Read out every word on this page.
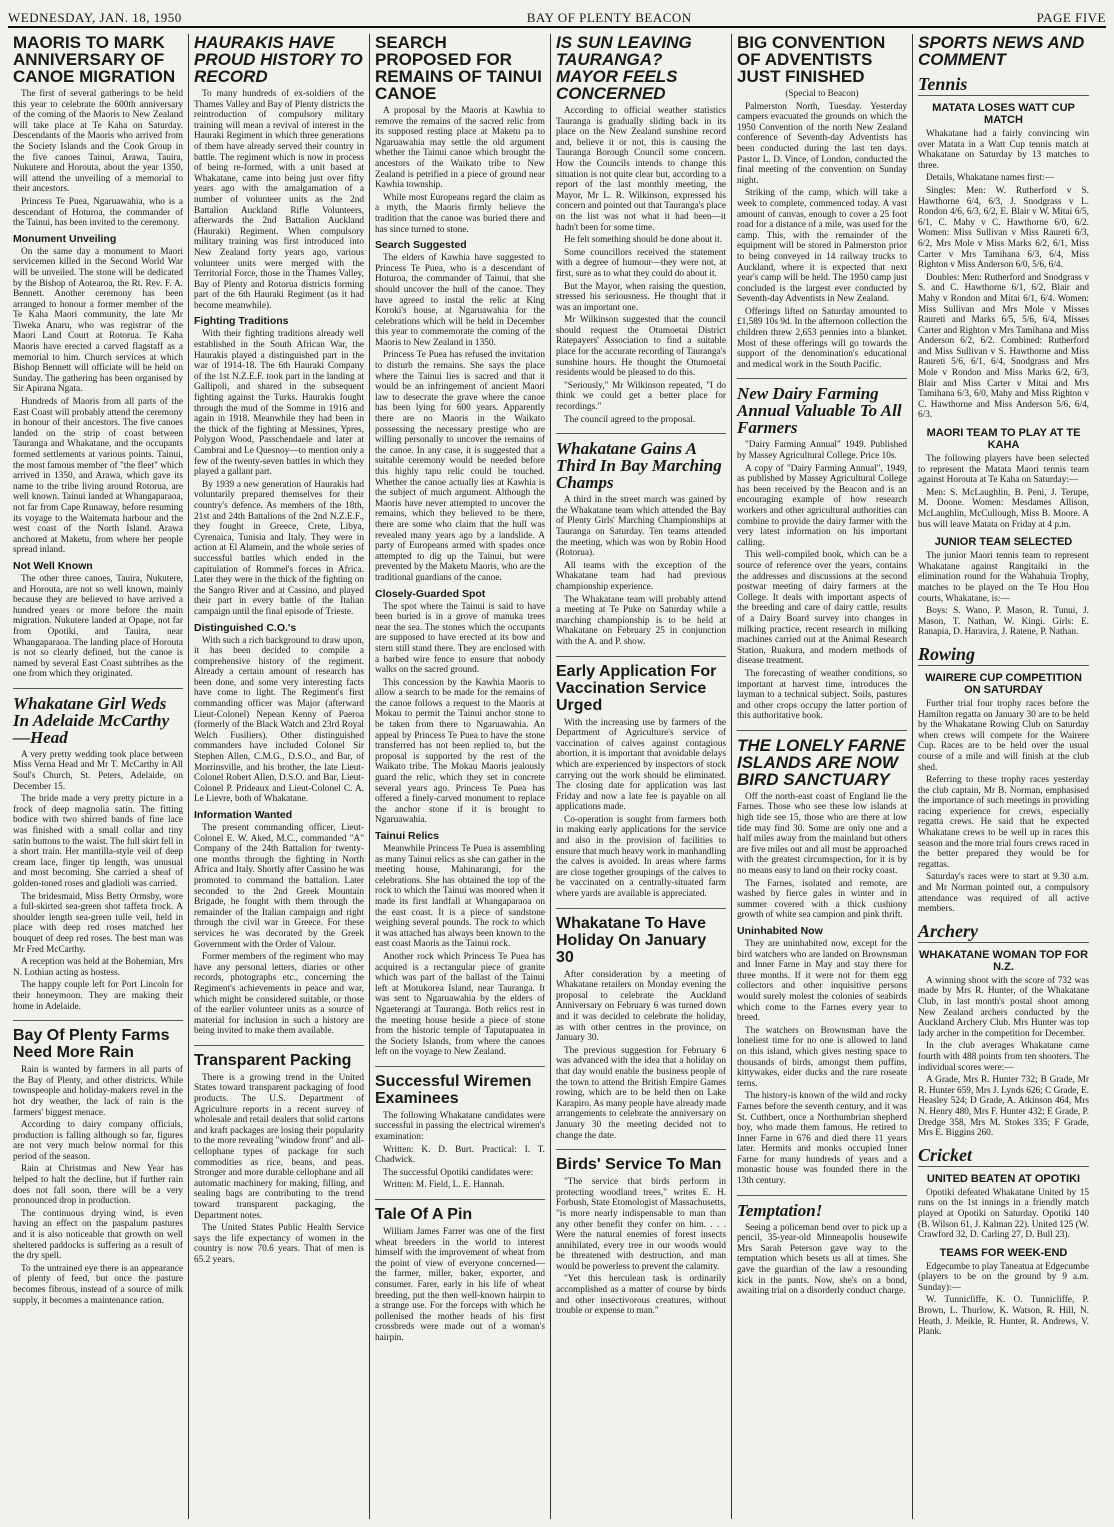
WEDNESDAY, JAN. 18, 1950	BAY OF PLENTY BEACON	PAGE FIVE
MAORIS TO MARK ANNIVERSARY OF CANOE MIGRATION

The first of several gatherings to be held this year to celebrate the 600th anniversary of the coming of the Maoris to New Zealand will take place at Te Kaha on Saturday. Descendants of the Maoris who arrived from the Society Islands and the Cook Group in the five canoes Tainui, Arawa, Tauira, Nukutere and Horouta, about the year 1350, will attend the unveiling of a memorial to their ancestors.

Princess Te Puea, Ngaruawahia, who is a descendant of Hoturoa, the commander of the Tainui, has been invited to the ceremony.

Monument Unveiling

On the same day a monument to Maori servicemen killed in the Second World War will be unveiled. The stone will be dedicated by the Bishop of Aotearoa, the Rt. Rev. F. A. Bennett. Another ceremony has been arranged to honour a former member of the Te Kaha Maori community, the late Mr Tiweka Anaru, who was registrar of the Maori Land Court at Rotorua. Te Kaha Maoris have erected a carved flagstaff as a memorial to him. Church services at which Bishop Bennett will officiate will be held on Sunday. The gathering has been organised by Sir Apirana Ngata.

Hundreds of Maoris from all parts of the East Coast will probably attend the ceremony in honour of their ancestors. The five canoes landed on the strip of coast between Tauranga and Whakatane, and the occupants formed settlements at various points. Tainui, the most famous member of "the fleet" which arrived in 1350, and Arawa, which gave its name to the tribe living around Rotorua, are well known. Tainui landed at Whangaparaoa, not far from Cape Runaway, before resuming its voyage to the Waitemata harbour and the west coast of the North Island. Arawa anchored at Maketu, from where her people spread inland.

Not Well Known

The other three canoes, Tauira, Nukutere, and Horouta, are not so well known, mainly because they are believed to have arrived a hundred years or more before the main migration. Nukutere landed at Opape, not far from Opotiki, and Tauira, near Whangaparaoa. The landing place of Horouta is not so clearly defined, but the canoe is named by several East Coast subtribes as the one from which they originated.

Whakatane Girl Weds In Adelaide McCarthy—Head

A very pretty wedding took place between Miss Verna Head and Mr T. McCarthy in All Soul's Church, St. Peters, Adelaide, on December 15.

The bride made a very pretty picture in a frock of deep magnolia satin. The fitting bodice with two shirred bands of fine lace was finished with a small collar and tiny satin buttons to the waist. The full skirt fell in a short train. Her mantilla-style veil of deep cream lace, finger tip length, was unusual and most becoming. She carried a sheaf of golden-toned roses and gladioli was carried.

The bridesmaid, Miss Betty Ormsby, wore a full-skirted sea-green shot taffeta frock. A shoulder length sea-green tulle veil, held in place with deep red roses matched her bouquet of deep red roses. The best man was Mr Fred McCarthy.

A reception was held at the Bohemian, Mrs N. Lothian acting as hostess.

The happy couple left for Port Lincoln for their honeymoon. They are making their home in Adelaide.

Bay Of Plenty Farms Need More Rain

Rain is wanted by farmers in all parts of the Bay of Plenty, and other districts. While townspeople and holiday-makers revel in the hot dry weather, the lack of rain is the farmers' biggest menace.

According to dairy company officials, production is falling although so far, figures are not very much below normal for this period of the season.

Rain at Christmas and New Year has helped to halt the decline, but if further rain does not fall soon, there will be a very pronounced drop in production.

The continuous drying wind, is even having an effect on the paspalum pastures and it is also noticeable that growth on well sheltered paddocks is suffering as a result of the dry spell.

To the untrained eye there is an appearance of plenty of feed, but once the pasture becomes fibrous, instead of a source of milk supply, it becomes a maintenance ration.

HAURAKIS HAVE PROUD HISTORY TO RECORD

To many hundreds of ex-soldiers of the Thames Valley and Bay of Plenty districts the reintroduction of compulsory military training will mean a revival of interest in the Hauraki Regiment in which three generations of them have already served their country in battle. The regiment which is now in process of being re-formed, with a unit based at Whakatane, came into being just over fifty years ago with the amalgamation of a number of volunteer units as the 2nd Battalion Auckland Rifle Volunteers, afterwards the 2nd Battalion Auckland (Hauraki) Regiment. When compulsory military training was first introduced into New Zealand forty years ago, various volunteer units were merged with the Territorial Force, those in the Thames Valley, Bay of Plenty and Rotorua districts forming part of the 6th Hauraki Regiment (as it had become meanwhile).

Fighting Traditions

With their fighting traditions already well established in the South African War, the Haurakis played a distinguished part in the war of 1914-18. The 6th Hauraki Company of the 1st N.Z.E.F. took part in the landing at Gallipoli, and shared in the subsequent fighting against the Turks. Haurakis fought through the mud of the Somme in 1916 and again in 1918. Meanwhile they had been in the thick of the fighting at Messines, Ypres, Polygon Wood, Passchendaele and later at Cambrai and Le Quesnoy—to mention only a few of the twenty-seven battles in which they played a gallant part.

By 1939 a new generation of Haurakis had voluntarily prepared themselves for their country's defence. As members of the 18th, 21st and 24th Battalions of the 2nd N.Z.E.F., they fought in Greece, Crete, Libya, Cyrenaica, Tunisia and Italy. They were in action at El Alamein, and the whole series of successful battles which ended in the capitulation of Rommel's forces in Africa. Later they were in the thick of the fighting on the Sangro River and at Cassino, and played their part in every battle of the Italian campaign until the final episode of Trieste.

Distinguished C.O.'s

With such a rich background to draw upon, it has been decided to compile a comprehensive history of the regiment. Already a certain amount of research has been done, and some very interesting facts have come to light. The Regiment's first commanding officer was Major (afterward Lieut-Colonel) Nepean Kenny of Paeroa (formerly of the Black Watch and 23rd Royal Welch Fusiliers). Other distinguished commanders have included Colonel Sir Stephen Allen, C.M.G., D.S.O., and Bar, of Morrinsville, and his brother, the late Lieut-Colonel Robert Allen, D.S.O. and Bar, Lieut-Colonel P. Prideaux and Lieut-Colonel C. A. Le Lievre, both of Whakatane.

Information Wanted

The present commanding officer, Lieut-Colonel E. W. Aked, M.C., commanded "A" Company of the 24th Battalion for twenty-one months through the fighting in North Africa and Italy. Shortly after Cassino he was promoted to command the battalion. Later seconded to the 2nd Greek Mountain Brigade, he fought with them through the remainder of the Italian campaign and right through the civil war in Greece. For these services he was decorated by the Greek Government with the Order of Valour.

Former members of the regiment who may have any personal letters, diaries or other records, photographs etc., concerning the Regiment's achievements in peace and war, which might be considered suitable, or those of the earlier volunteer units as a source of material for inclusion in such a history are being invited to make them available.

Transparent Packing

There is a growing trend in the United States toward transparent packaging of food products. The U.S. Department of Agriculture reports in a recent survey of wholesale and retail dealers that solid cartons and kraft packages are losing their popularity to the more revealing "window front" and all-cellophane types of package for such commodities as rice, beans, and peas. Stronger and more durable cellophane and all automatic machinery for making, filling, and sealing bags are contributing to the trend toward transparent packaging, the Department notes.

The United States Public Health Service says the life expectancy of women in the country is now 70.6 years. That of men is 65.2 years.

SEARCH PROPOSED FOR REMAINS OF TAINUI CANOE

A proposal by the Maoris at Kawhia to remove the remains of the sacred relic from its supposed resting place at Maketu pa to Ngaruawahia may settle the old argument whether the Tainui canoe which brought the ancestors of the Waikato tribe to New Zealand is petrified in a piece of ground near Kawhia township.

While most Europeans regard the claim as a myth, the Maoris firmly believe the tradition that the canoe was buried there and has since turned to stone.

Search Suggested

The elders of Kawhia have suggested to Princess Te Puea, who is a descendant of Hoturoa, the commander of Tainui, that she should uncover the hull of the canoe. They have agreed to instal the relic at King Koroki's house, at Ngaruawahia for the celebrations which will be held in December this year to commemorate the coming of the Maoris to New Zealand in 1350.

Princess Te Puea has refused the invitation to disturb the remains. She says the place where the Tainui lies is sacred and that it would be an infringement of ancient Maori law to desecrate the grave where the canoe has been lying for 600 years. Apparently there are no Maoris in the Waikato possessing the necessary prestige who are willing personally to uncover the remains of the canoe. In any case, it is suggested that a suitable ceremony would be needed before this highly tapu relic could be touched. Whether the canoe actually lies at Kawhia is the subject of much argument. Although the Maoris have never attempted to uncover the remains, which they believed to be there, there are some who claim that the hull was revealed many years ago by a landslide. A party of Europeans armed with spades once attempted to dig up the Tainui, but were prevented by the Maketu Maoris, who are the traditional guardians of the canoe.

Closely-Guarded Spot

The spot where the Tainui is said to have been buried is in a grove of manuka trees near the sea. The stones which the occupants are supposed to have erected at its bow and stern still stand there. They are enclosed with a barbed wire fence to ensure that nobody walks on the sacred ground.

This concession by the Kawhia Maoris to allow a search to be made for the remains of the canoe follows a request to the Maoris at Mokau to permit the Tainui anchor stone to be taken from there to Ngaruawahia. An appeal by Princess Te Puea to have the stone transferred has not been replied to, but the proposal is supported by the rest of the Waikato tribe. The Mokau Maoris jealously guard the relic, which they set in concrete several years ago. Princess Te Puea has offered a finely-carved monument to replace the anchor stone if it is brought to Ngaruawahia.

Tainui Relics

Meanwhile Princess Te Puea is assembling as many Tainui relics as she can gather in the meeting house, Mahinarangi, for the celebrations. She has obtained the top of the rock to which the Tainui was moored when it made its first landfall at Whangaparaoa on the east coast. It is a piece of sandstone weighing several pounds. The rock to which it was attached has always been known to the east coast Maoris as the Tainui rock.

Another rock which Princess Te Puea has acquired is a rectangular piece of granite which was part of the ballast of the Tainui left at Motukorea Island, near Tauranga. It was sent to Ngaruawahia by the elders of Ngaeterangi at Tauranga. Both relics rest in the meeting house beside a piece of stone from the historic temple of Taputapuatea in the Society Islands, from where the canoes left on the voyage to New Zealand.

Successful Wiremen Examinees

The following Whakatane candidates were successful in passing the electrical wiremen's examination:

Written: K. D. Burt. Practical: I. T. Chadwick.

The successful Opotiki candidates were:

Written: M. Field, L. E. Hannah.

Tale Of A Pin

William James Farrer was one of the first wheat breeders in the world to interest himself with the improvement of wheat from the point of view of everyone concerned—the farmer, miller, baker, exporter, and consumer. Farer, early in his life of wheat breeding, put the then well-known hairpin to a strange use. For the forceps with which he pollenised the mother heads of his first crossbreds were made out of a woman's hairpin.

IS SUN LEAVING TAURANGA? MAYOR FEELS CONCERNED

According to official weather statistics Tauranga is gradually sliding back in its place on the New Zealand sunshine record and, believe it or not, this is causing the Tauranga Borough Council some concern. How the Councils intends to change this situation is not quite clear but, according to a report of the last monthly meeting, the Mayor, Mr L. R. Wilkinson, expressed his concern and pointed out that Tauranga's place on the list was not what it had been—it hadn't been for some time.

He felt something should be done about it.

Some councillors received the statement with a degree of humour—they were not, at first, sure as to what they could do about it.

But the Mayor, when raising the question, stressed his seriousness. He thought that it was an important one.

Mr Wilkinson suggested that the council should request the Otumoetai District Ratepayers' Association to find a suitable place for the accurate recording of Tauranga's sunshine hours. He thought the Otumoetai residents would be pleased to do this.

"Seriously," Mr Wilkinson repeated, "I do think we could get a better place for recordings."

The council agreed to the proposal.

Whakatane Gains A Third In Bay Marching Champs

A third in the street march was gained by the Whakatane team which attended the Bay of Plenty Girls' Marching Championships at Tauranga on Saturday. Ten teams attended the meeting, which was won by Robin Hood (Rotorua).

All teams with the exception of the Whakatane team had had previous championship experience.

The Whakatane team will probably attend a meeting at Te Puke on Saturday while a marching championship is to be held at Whakatane on February 25 in conjunction with the A. and P. show.

Early Application For Vaccination Service Urged

With the increasing use by farmers of the Department of Agriculture's service of vaccination of calves against contagious abortion, it is important that avoidable delays which are experienced by inspectors of stock carrying out the work should be eliminated. The closing date for application was last Friday and now a late fee is payable on all applications made.

Co-operation is sought from farmers both in making early applications for the service and also in the provision of facilities to ensure that much heavy work in manhandling the calves is avoided. In areas where farms are close together groupings of the calves to be vaccinated on a centrally-situated farm where yards are available is appreciated.

Whakatane To Have Holiday On January 30

After consideration by a meeting of Whakatane retailers on Monday evening the proposal to celebrate the Auckland Anniversary on February 6 was turned down and it was decided to celebrate the holiday, as with other centres in the province, on January 30.

The previous suggestion for February 6 was advanced with the idea that a holiday on that day would enable the business people of the town to attend the British Empire Games rowing, which are to be held then on Lake Karapiro. As many people have already made arrangements to celebrate the anniversary on January 30 the meeting decided not to change the date.

Birds' Service To Man

"The service that birds perform in protecting woodland trees," writes E. H. Forbush, State Etomologist of Massachusetts, "is more nearly indispensable to man than any other benefit they confer on him. . . . Were the natural enemies of forest insects annihilated, every tree in our woods would be threatened with destruction, and man would be powerless to prevent the calamity.

"Yet this herculean task is ordinarily accomplished as a matter of course by birds and other insectivorous creatures, without trouble or expense to man."

BIG CONVENTION OF ADVENTISTS JUST FINISHED

(Special to Beacon)

Palmerston North, Tuesday. Yesterday campers evacuated the grounds on which the 1950 Convention of the north New Zealand conference of Seventh-day Adventists has been conducted during the last ten days. Pastor L. D. Vince, of London, conducted the final meeting of the convention on Sunday night.

Striking of the camp, which will take a week to complete, commenced today. A vast amount of canvas, enough to cover a 25 foot road for a distance of a mile, was used for the camp. This, with the remainder of the equipment will be stored in Palmerston prior to being conveyed in 14 railway trucks to Auckland, where it is expected that next year's camp will be held. The 1950 camp just concluded is the largest ever conducted by Seventh-day Adventists in New Zealand.

Offerings lifted on Saturday amounted to £1,589 10s 9d. In the afternoon collection the children threw 2,653 pennies into a blanket. Most of these offerings will go towards the support of the denomination's educational and medical work in the South Pacific.

New Dairy Farming Annual Valuable To All Farmers

"Dairy Farming Annual" 1949. Published by Massey Agricultural College. Price 10s.

A copy of "Dairy Farming Annual", 1949, as published by Massey Agricultural College has been received by the Beacon and is an encouraging example of how research workers and other agricultural authorities can combine to provide the dairy farmer with the very latest information on his important calling.

This well-compiled book, which can be a source of reference over the years, contains the addresses and discussions at the second postwar meeting of dairy farmers at the College. It deals with important aspects of the breeding and care of dairy cattle, results of a Dairy Board survey into changes in milking practice, recent research in milking machines carried out at the Animal Research Station, Ruakura, and modern methods of disease treatment.

The forecasting of weather conditions, so important at harvest time, introduces the layman to a technical subject. Soils, pastures and other crops occupy the latter portion of this authoritative book.

THE LONELY FARNE ISLANDS ARE NOW BIRD SANCTUARY

Off the north-east coast of England lie the Farnes. Those who see these low islands at high tide see 15, those who are there at low tide may find 30. Some are only one and a half miles away from the mainland but others are five miles out and all must be approached with the greatest circumspection, for it is by no means easy to land on their rocky coast.

The Farnes, isolated and remote, are washed by fierce gales in winter and in summer covered with a thick cushiony growth of white sea campion and pink thrift.

Uninhabited Now

They are uninhabited now, except for the bird watchers who are landed on Brownsman and Inner Farne in May and stay there for three months. If it were not for them egg collectors and other inquisitive persons would surely molest the colonies of seabirds which come to the Farnes every year to breed.

The watchers on Brownsman have the loneliest time for no one is allowed to land on this island, which gives nesting space to thousands of birds, amongst them puffins, kittywakes, eider ducks and the rare roseate terns.

The history-is known of the wild and rocky Farnes before the seventh century, and it was St. Cuthbert, once a Northumbrian shepherd boy, who made them famous. He retired to Inner Farne in 676 and died there 11 years later. Hermits and monks occupied Inner Farne for many hundreds of years and a monastic house was founded there in the 13th century.

Temptation!

Seeing a policeman bend over to pick up a pencil, 35-year-old Minneapolis housewife Mrs Sarah Peterson gave way to the temptation which besets us all at times. She gave the guardian of the law a resounding kick in the pants. Now, she's on a bond, awaiting trial on a disorderly conduct charge.

SPORTS NEWS AND COMMENT
Tennis
MATATA LOSES WATT CUP MATCH

Whakatane had a fairly convincing win over Matata in a Watt Cup tennis match at Whakatane on Saturday by 13 matches to three.

Details, Whakatane names first:—

Singles: Men: W. Rutherford v S. Hawthorne 6/4, 6/3, J. Snodgrass v L. Rondon 4/6, 6/3, 6/2, E. Blair v W. Mitai 6/5, 6/1, C. Mahy v C. Hawthorne 6/0, 6/2. Women: Miss Sullivan v Miss Raureti 6/3, 6/2, Mrs Mole v Miss Marks 6/2, 6/1, Miss Carter v Mrs Tamihana 6/3, 6/4, Miss Righton v Miss Anderson 6/0, 5/6, 6/4.

Doubles: Men: Rutherford and Snodgrass v S. and C. Hawthorne 6/1, 6/2, Blair and Mahy v Rondon and Mitai 6/1, 6/4. Women: Miss Sullivan and Mrs Mole v Misses Raureti and Marks 6/5, 5/6, 6/4, Misses Carter and Righton v Mrs Tamihana and Miss Anderson 6/2, 6/2. Combined: Rutherford and Miss Sullivan v S. Hawthorne and Miss Raureti 5/6, 6/1, 6/4, Snodgrass and Mrs Mole v Rondon and Miss Marks 6/2, 6/3, Blair and Miss Carter v Mitai and Mrs Tamihana 6/3, 6/0, Mahy and Miss Righton v C. Hawthorne and Miss Anderson 5/6, 6/4, 6/3.

MAORI TEAM TO PLAY AT TE KAHA

The following players have been selected to represent the Matata Maori tennis team against Horouta at Te Kaha on Saturday:—

Men: S. McLaughlin, B. Peni, J. Terupe, M. Doone. Women: Mesdames Allison, McLaughlin, McCullough, Miss B. Moore. A bus will leave Matata on Friday at 4 p.m.

JUNIOR TEAM SELECTED

The junior Maori tennis team to represent Whakatane against Rangitaiki in the elimination round for the Wahahuia Trophy, matches to be played on the Te Hou Hou courts, Whakatane, is:—

Boys: S. Wano, P. Mason, R. Tunui, J. Mason, T. Nathan, W. Kingi. Girls: E. Ranapia, D. Haravira, J. Ratene, P. Nathan.

Rowing
WAIRERE CUP COMPETITION ON SATURDAY

Further trial four trophy races before the Hamilton regatta on January 30 are to be held by the Whakatane Rowing Club on Saturday when crews will compete for the Wairere Cup. Races are to be held over the usual course of a mile and will finish at the club shed.

Referring to these trophy races yesterday the club captain, Mr B. Norman, emphasised the importance of such meetings in providing racing experience for crews, especially regatta crews. He said that he expected Whakatane crews to be well up in races this season and the more trial fours crews raced in the better prepared they would be for regattas.

Saturday's races were to start at 9.30 a.m. and Mr Norman pointed out, a compulsory attendance was required of all active members.

Archery
WHAKATANE WOMAN TOP FOR N.Z.

A winning shoot with the score of 732 was made by Mrs R. Hunter, of the Whakatane Club, in last month's postal shoot among New Zealand archers conducted by the Auckland Archery Club. Mrs Hunter was top lady archer in the competition for December.

In the club averages Whakatane came fourth with 488 points from ten shooters. The individual scores were:—

A Grade, Mrs R. Hunter 732; B Grade, Mr R. Hunter 659, Mrs J. Lynds 626; C Grade, E. Heasley 524; D Grade, A. Atkinson 464, Mrs N. Henry 480, Mrs F. Hunter 432; E Grade, P. Dredge 358, Mrs M. Stokes 335; F Grade, Mrs E. Biggins 260.

Cricket
UNITED BEATEN AT OPOTIKI

Opotiki defeated Whakatane United by 15 runs on the 1st innings in a friendly match played at Opotiki on Saturday. Opotiki 140 (B. Wilson 61, J. Kalman 22). United 125 (W. Crawford 32, D. Carling 27, D. Bull 23).

TEAMS FOR WEEK-END

Edgecumbe to play Taneatua at Edgecumbe (players to be on the ground by 9 a.m. Sunday):—

W. Tunnicliffe, K. O. Tunnicliffe, P. Brown, L. Thurlow, K. Watson, R. Hill, N. Heath, J. Meikle, R. Hunter, R. Andrews, V. Plank.
